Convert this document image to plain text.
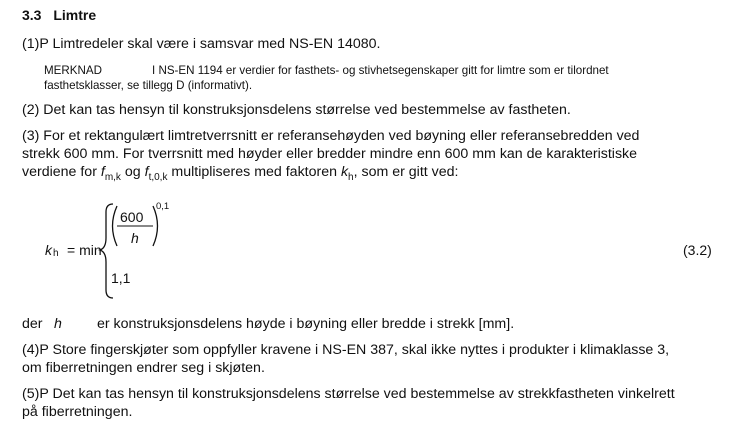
3.3 Limtre
(1)P Limtredeler skal være i samsvar med NS-EN 14080.
MERKNAD	I NS-EN 1194 er verdier for fasthets- og stivhetsegenskaper gitt for limtre som er tilordnet
fasthetsklasser, se tillegg D (informativt).
(2) Det kan tas hensyn til konstruksjonsdelens størrelse ved bestemmelse av fastheten.
(3) For et rektangulært limtretverrsnitt er referansehøyden ved bøyning eller referansebredden ved
strekk 600 mm. For tverrsnitt med høyder eller bredder mindre enn 600 mm kan de karakteristiske
verdiene for $f_{m,k}$ og $f_{t,0,k}$ multipliseres med faktoren $k_h$, som er gitt ved:
k h = min
600
h
0,1
1,1
(3.2)
der h er konstruksjonsdelens høyde i bøyning eller bredde i strekk [mm].
(4)P Store fingerskjøter som oppfyller kravene i NS-EN 387, skal ikke nyttes i produkter i klimaklasse 3,
om fiberretningen endrer seg i skjøten.
(5)P Det kan tas hensyn til konstruksjonsdelens størrelse ved bestemmelse av strekkfastheten vinkelrett
på fiberretningen.
